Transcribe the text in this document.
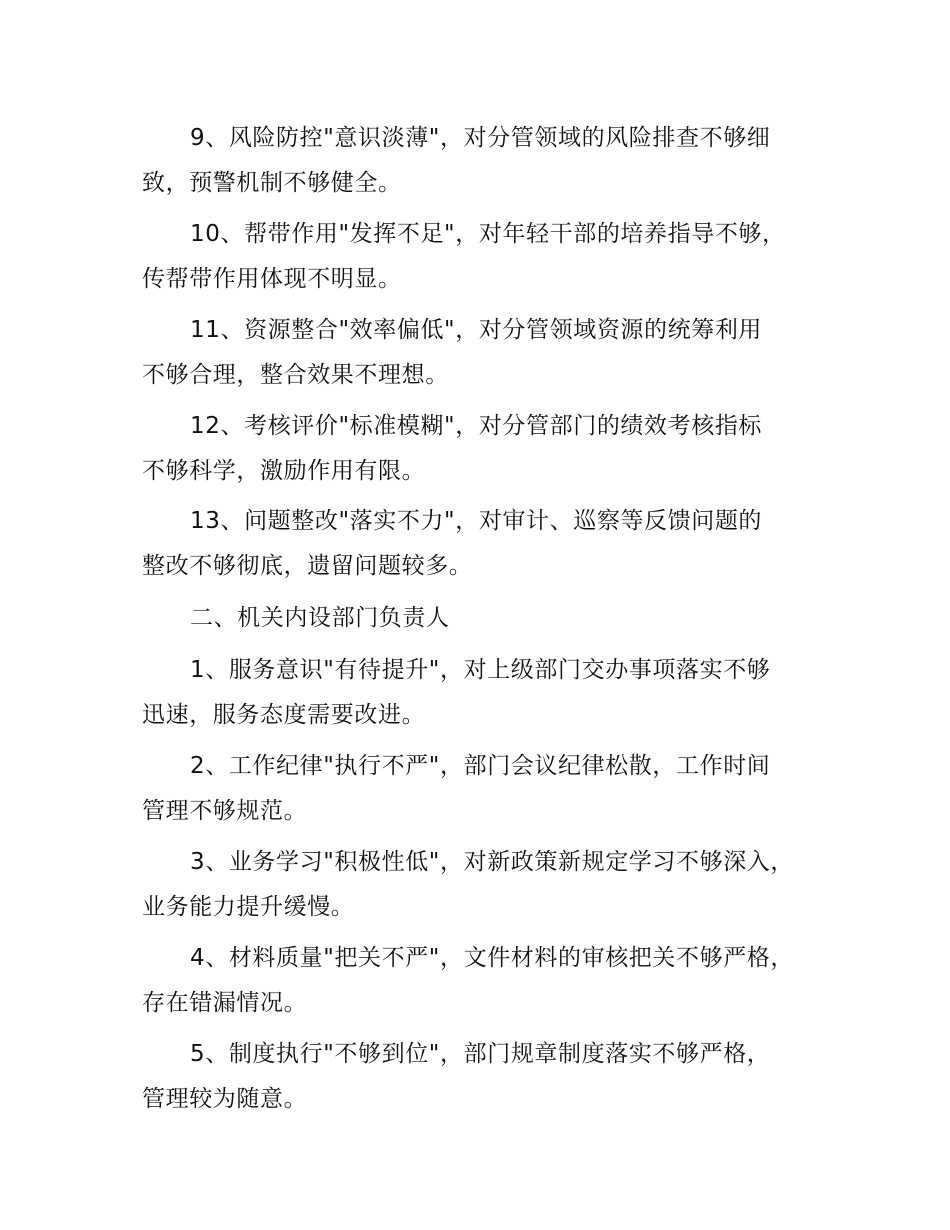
9、风险防控"意识淡薄"，对分管领域的风险排查不够细
致，预警机制不够健全。
10、帮带作用"发挥不足"，对年轻干部的培养指导不够，
传帮带作用体现不明显。
11、资源整合"效率偏低"，对分管领域资源的统筹利用
不够合理，整合效果不理想。
12、考核评价"标准模糊"，对分管部门的绩效考核指标
不够科学，激励作用有限。
13、问题整改"落实不力"，对审计、巡察等反馈问题的
整改不够彻底，遗留问题较多。
二、机关内设部门负责人
1、服务意识"有待提升"，对上级部门交办事项落实不够
迅速，服务态度需要改进。
2、工作纪律"执行不严"，部门会议纪律松散，工作时间
管理不够规范。
3、业务学习"积极性低"，对新政策新规定学习不够深入，
业务能力提升缓慢。
4、材料质量"把关不严"，文件材料的审核把关不够严格，
存在错漏情况。
5、制度执行"不够到位"，部门规章制度落实不够严格，
管理较为随意。
